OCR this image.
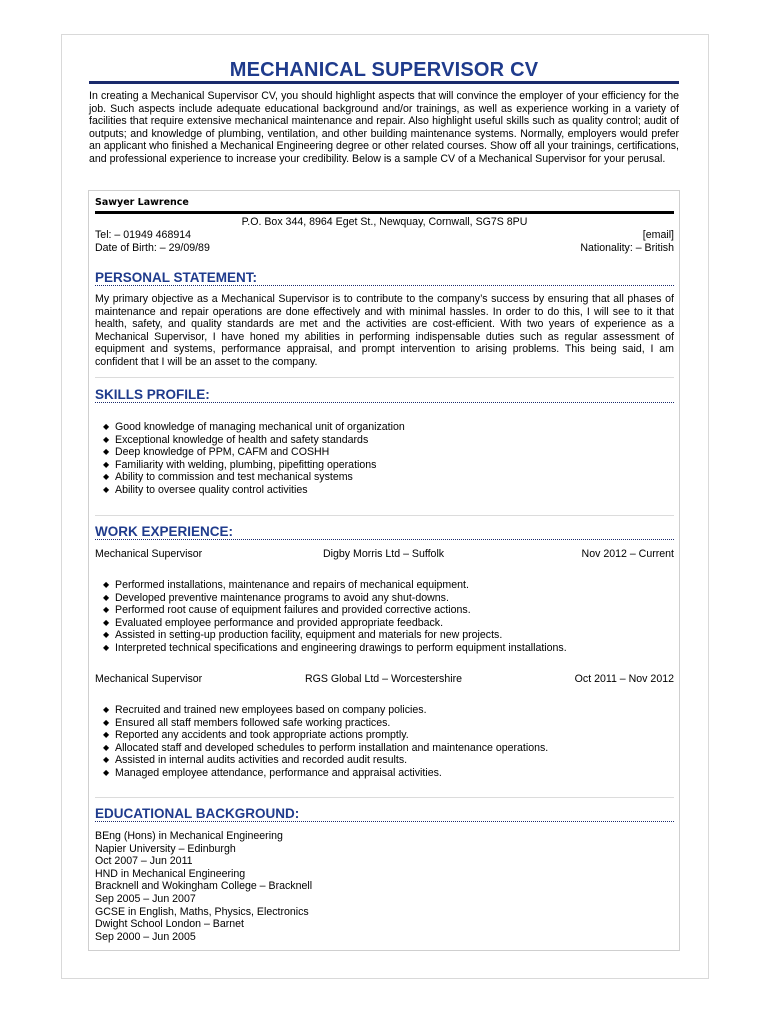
MECHANICAL SUPERVISOR CV
In creating a Mechanical Supervisor CV, you should highlight aspects that will convince the employer of your efficiency for the job. Such aspects include adequate educational background and/or trainings, as well as experience working in a variety of facilities that require extensive mechanical maintenance and repair. Also highlight useful skills such as quality control; audit of outputs; and knowledge of plumbing, ventilation, and other building maintenance systems. Normally, employers would prefer an applicant who finished a Mechanical Engineering degree or other related courses. Show off all your trainings, certifications, and professional experience to increase your credibility. Below is a sample CV of a Mechanical Supervisor for your perusal.
Sawyer Lawrence
P.O. Box 344, 8964 Eget St., Newquay, Cornwall, SG7S 8PU
Tel: – 01949 468914	[email]
Date of Birth: – 29/09/89	Nationality: – British
PERSONAL STATEMENT:
My primary objective as a Mechanical Supervisor is to contribute to the company’s success by ensuring that all phases of maintenance and repair operations are done effectively and with minimal hassles. In order to do this, I will see to it that health, safety, and quality standards are met and the activities are cost-efficient. With two years of experience as a Mechanical Supervisor, I have honed my abilities in performing indispensable duties such as regular assessment of equipment and systems, performance appraisal, and prompt intervention to arising problems. This being said, I am confident that I will be an asset to the company.
SKILLS PROFILE:
◆ Good knowledge of managing mechanical unit of organization
◆ Exceptional knowledge of health and safety standards
◆ Deep knowledge of PPM, CAFM and COSHH
◆ Familiarity with welding, plumbing, pipefitting operations
◆ Ability to commission and test mechanical systems
◆ Ability to oversee quality control activities
WORK EXPERIENCE:
Mechanical Supervisor	Digby Morris Ltd – Suffolk	Nov 2012 – Current
◆ Performed installations, maintenance and repairs of mechanical equipment.
◆ Developed preventive maintenance programs to avoid any shut-downs.
◆ Performed root cause of equipment failures and provided corrective actions.
◆ Evaluated employee performance and provided appropriate feedback.
◆ Assisted in setting-up production facility, equipment and materials for new projects.
◆ Interpreted technical specifications and engineering drawings to perform equipment installations.
Mechanical Supervisor	RGS Global Ltd – Worcestershire	Oct 2011 – Nov 2012
◆ Recruited and trained new employees based on company policies.
◆ Ensured all staff members followed safe working practices.
◆ Reported any accidents and took appropriate actions promptly.
◆ Allocated staff and developed schedules to perform installation and maintenance operations.
◆ Assisted in internal audits activities and recorded audit results.
◆ Managed employee attendance, performance and appraisal activities.
EDUCATIONAL BACKGROUND:
BEng (Hons) in Mechanical Engineering
Napier University – Edinburgh
Oct 2007 – Jun 2011
HND in Mechanical Engineering
Bracknell and Wokingham College – Bracknell
Sep 2005 – Jun 2007
GCSE in English, Maths, Physics, Electronics
Dwight School London – Barnet
Sep 2000 – Jun 2005
